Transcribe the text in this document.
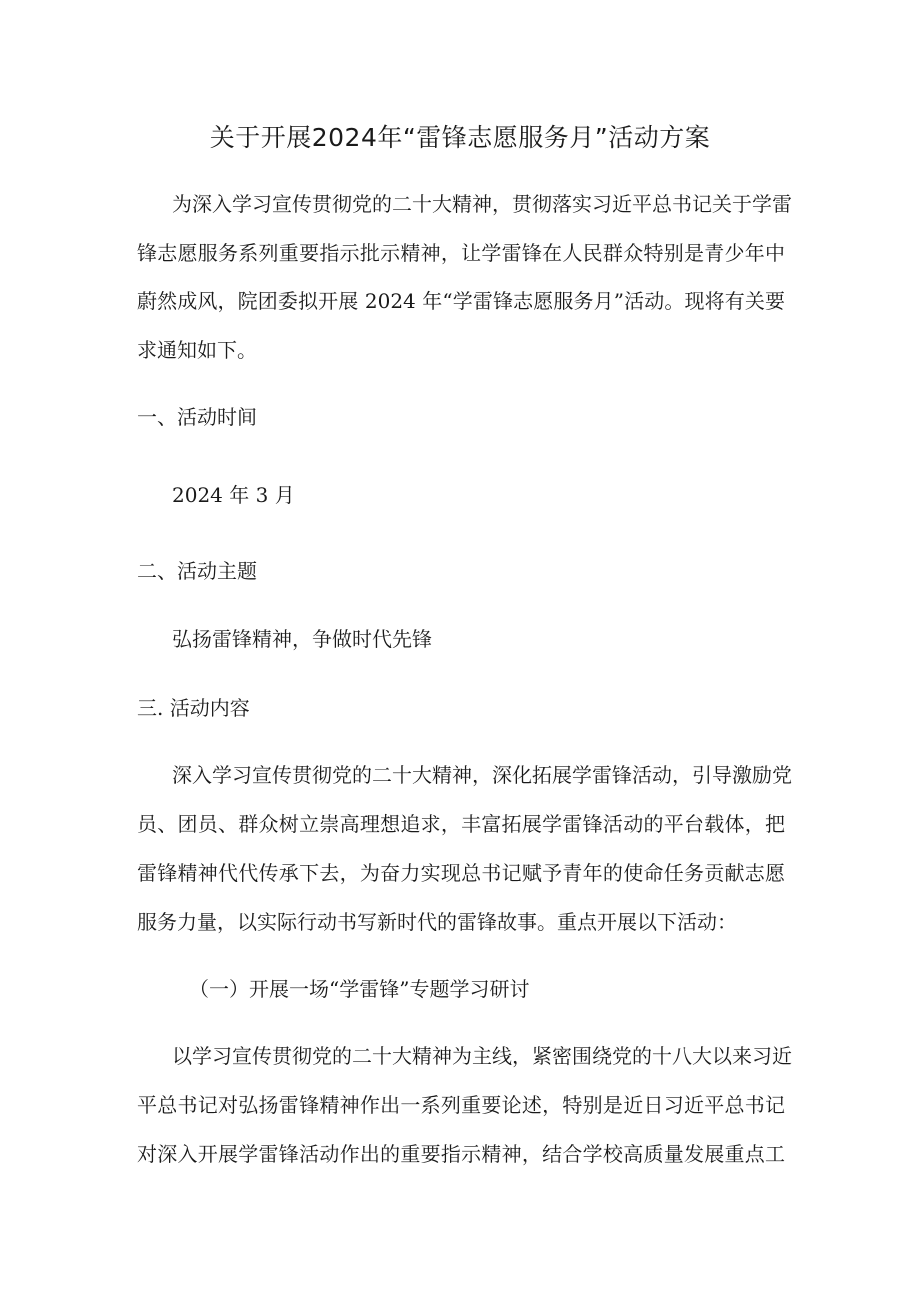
关于开展2024年“雷锋志愿服务月”活动方案
为深入学习宣传贯彻党的二十大精神，贯彻落实习近平总书记关于学雷
锋志愿服务系列重要指示批示精神，让学雷锋在人民群众特别是青少年中
蔚然成风，院团委拟开展 2024 年“学雷锋志愿服务月”活动。现将有关要
求通知如下。
一、活动时间
2024 年 3 月
二、活动主题
弘扬雷锋精神，争做时代先锋
三. 活动内容
深入学习宣传贯彻党的二十大精神，深化拓展学雷锋活动，引导激励党
员、团员、群众树立崇高理想追求，丰富拓展学雷锋活动的平台载体，把
雷锋精神代代传承下去，为奋力实现总书记赋予青年的使命任务贡献志愿
服务力量，以实际行动书写新时代的雷锋故事。重点开展以下活动：
（一）开展一场“学雷锋”专题学习研讨
以学习宣传贯彻党的二十大精神为主线，紧密围绕党的十八大以来习近
平总书记对弘扬雷锋精神作出一系列重要论述，特别是近日习近平总书记
对深入开展学雷锋活动作出的重要指示精神，结合学校高质量发展重点工
